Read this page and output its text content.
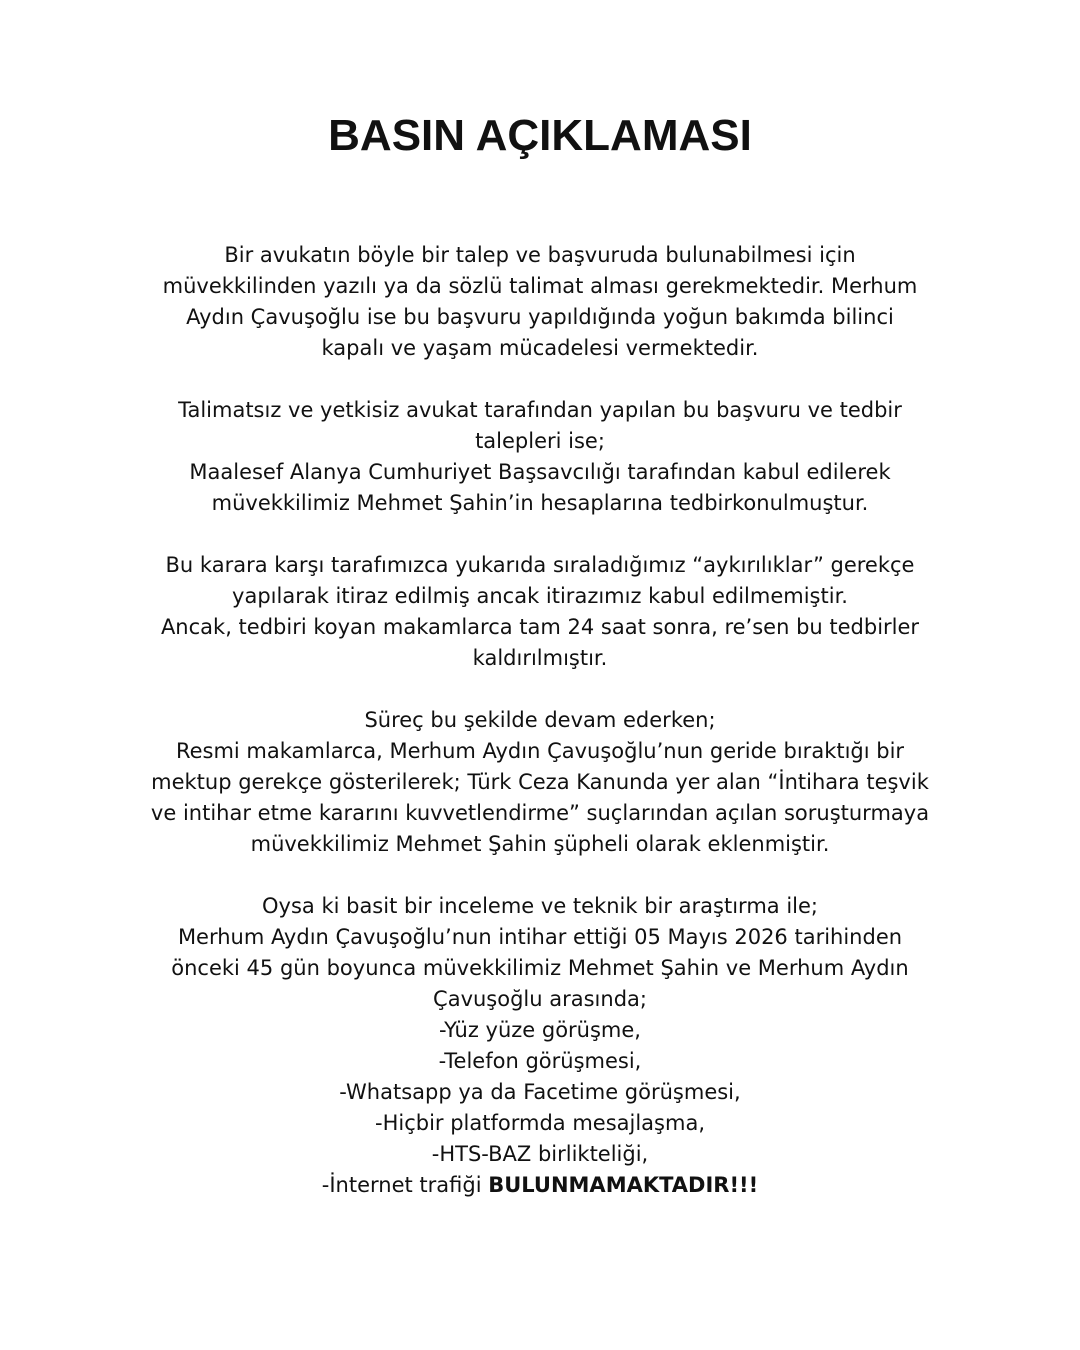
BASIN AÇIKLAMASI

Bir avukatın böyle bir talep ve başvuruda bulunabilmesi için
müvekkilinden yazılı ya da sözlü talimat alması gerekmektedir. Merhum
Aydın Çavuşoğlu ise bu başvuru yapıldığında yoğun bakımda bilinci
kapalı ve yaşam mücadelesi vermektedir.

Talimatsız ve yetkisiz avukat tarafından yapılan bu başvuru ve tedbir
talepleri ise;
Maalesef Alanya Cumhuriyet Başsavcılığı tarafından kabul edilerek
müvekkilimiz Mehmet Şahin’in hesaplarına tedbirkonulmuştur.

Bu karara karşı tarafımızca yukarıda sıraladığımız “aykırılıklar” gerekçe
yapılarak itiraz edilmiş ancak itirazımız kabul edilmemiştir.
Ancak, tedbiri koyan makamlarca tam 24 saat sonra, re’sen bu tedbirler
kaldırılmıştır.

Süreç bu şekilde devam ederken;
Resmi makamlarca, Merhum Aydın Çavuşoğlu’nun geride bıraktığı bir
mektup gerekçe gösterilerek; Türk Ceza Kanunda yer alan “İntihara teşvik
ve intihar etme kararını kuvvetlendirme” suçlarından açılan soruşturmaya
müvekkilimiz Mehmet Şahin şüpheli olarak eklenmiştir.

Oysa ki basit bir inceleme ve teknik bir araştırma ile;
Merhum Aydın Çavuşoğlu’nun intihar ettiği 05 Mayıs 2026 tarihinden
önceki 45 gün boyunca müvekkilimiz Mehmet Şahin ve Merhum Aydın
Çavuşoğlu arasında;
-Yüz yüze görüşme,
-Telefon görüşmesi,
-Whatsapp ya da Facetime görüşmesi,
-Hiçbir platformda mesajlaşma,
-HTS-BAZ birlikteliği,
-İnternet trafiği BULUNMAMAKTADIR!!!
